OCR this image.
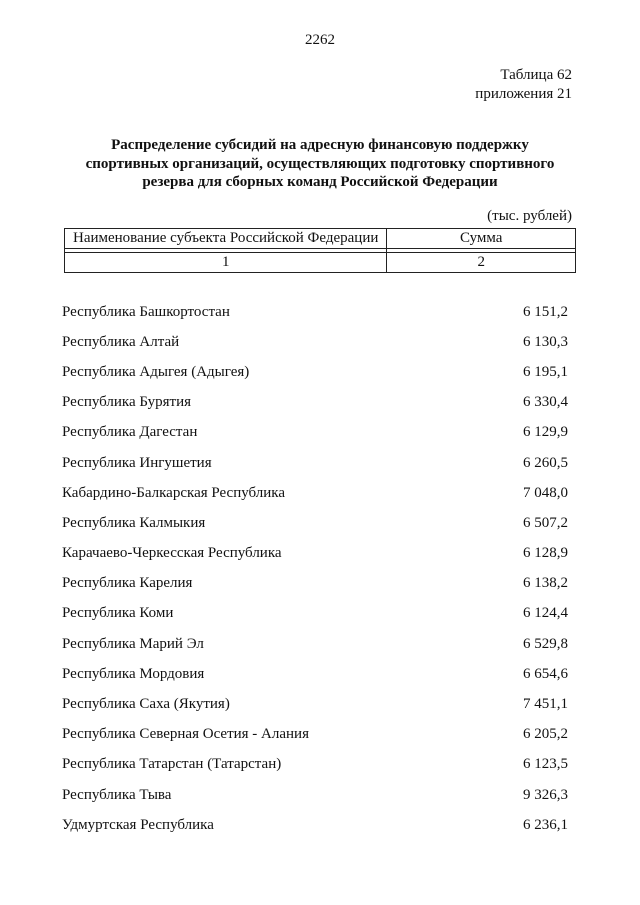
2262
Таблица 62
приложения 21
Распределение субсидий на адресную финансовую поддержку
спортивных организаций, осуществляющих подготовку спортивного
резерва для сборных команд Российской Федерации
(тыс. рублей)
Наименование субъекта Российской Федерации	Сумма

1	2
Республика Башкортостан	6 151,2
Республика Алтай	6 130,3
Республика Адыгея (Адыгея)	6 195,1
Республика Бурятия	6 330,4
Республика Дагестан	6 129,9
Республика Ингушетия	6 260,5
Кабардино-Балкарская Республика	7 048,0
Республика Калмыкия	6 507,2
Карачаево-Черкесская Республика	6 128,9
Республика Карелия	6 138,2
Республика Коми	6 124,4
Республика Марий Эл	6 529,8
Республика Мордовия	6 654,6
Республика Саха (Якутия)	7 451,1
Республика Северная Осетия - Алания	6 205,2
Республика Татарстан (Татарстан)	6 123,5
Республика Тыва	9 326,3
Удмуртская Республика	6 236,1
